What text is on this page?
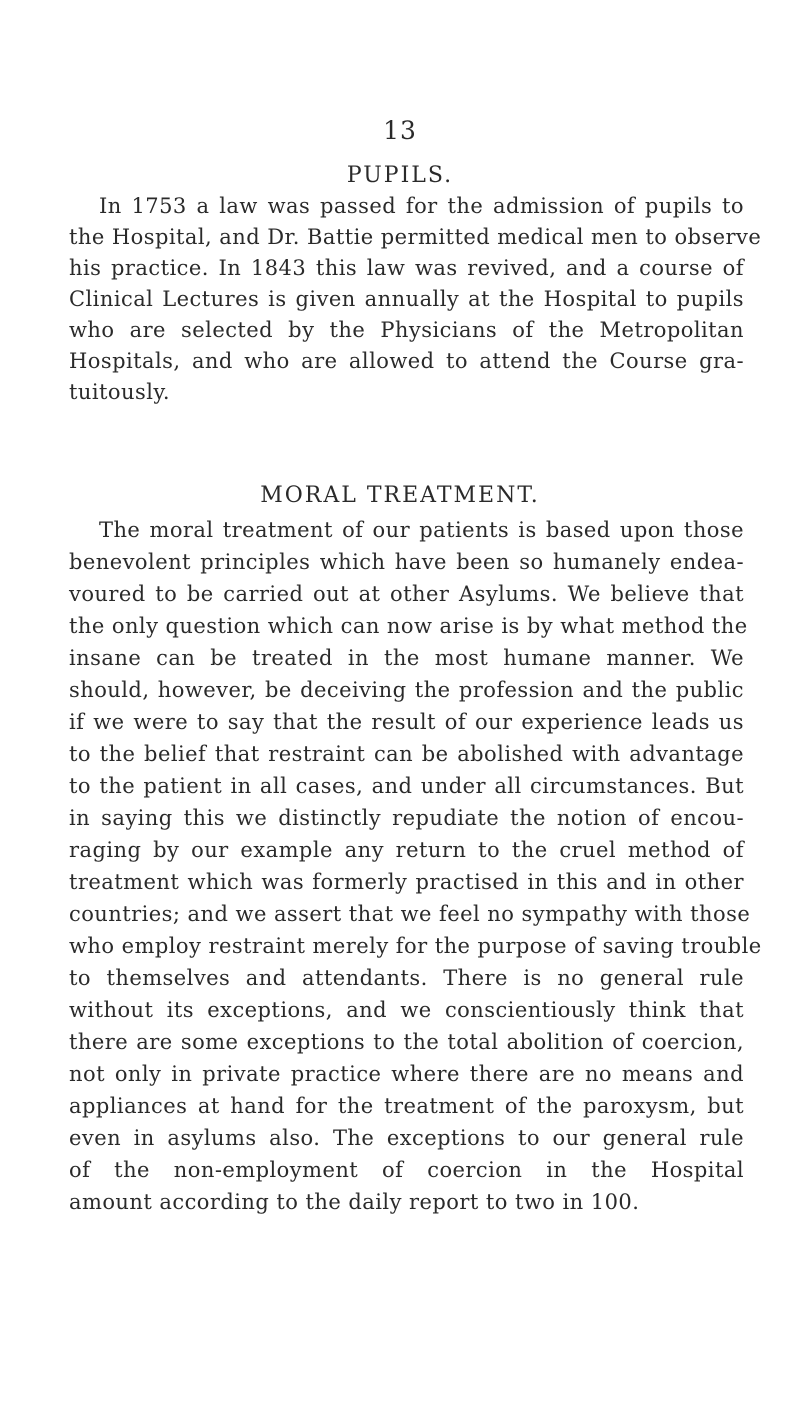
13
PUPILS.
In 1753 a law was passed for the admission of pupils to
the Hospital, and Dr. Battie permitted medical men to observe
his practice. In 1843 this law was revived, and a course of
Clinical Lectures is given annually at the Hospital to pupils
who are selected by the Physicians of the Metropolitan
Hospitals, and who are allowed to attend the Course gra-
tuitously.
MORAL TREATMENT.
The moral treatment of our patients is based upon those
benevolent principles which have been so humanely endea-
voured to be carried out at other Asylums. We believe that
the only question which can now arise is by what method the
insane can be treated in the most humane manner. We
should, however, be deceiving the profession and the public
if we were to say that the result of our experience leads us
to the belief that restraint can be abolished with advantage
to the patient in all cases, and under all circumstances. But
in saying this we distinctly repudiate the notion of encou-
raging by our example any return to the cruel method of
treatment which was formerly practised in this and in other
countries; and we assert that we feel no sympathy with those
who employ restraint merely for the purpose of saving trouble
to themselves and attendants. There is no general rule
without its exceptions, and we conscientiously think that
there are some exceptions to the total abolition of coercion,
not only in private practice where there are no means and
appliances at hand for the treatment of the paroxysm, but
even in asylums also. The exceptions to our general rule
of the non-employment of coercion in the Hospital
amount according to the daily report to two in 100.
